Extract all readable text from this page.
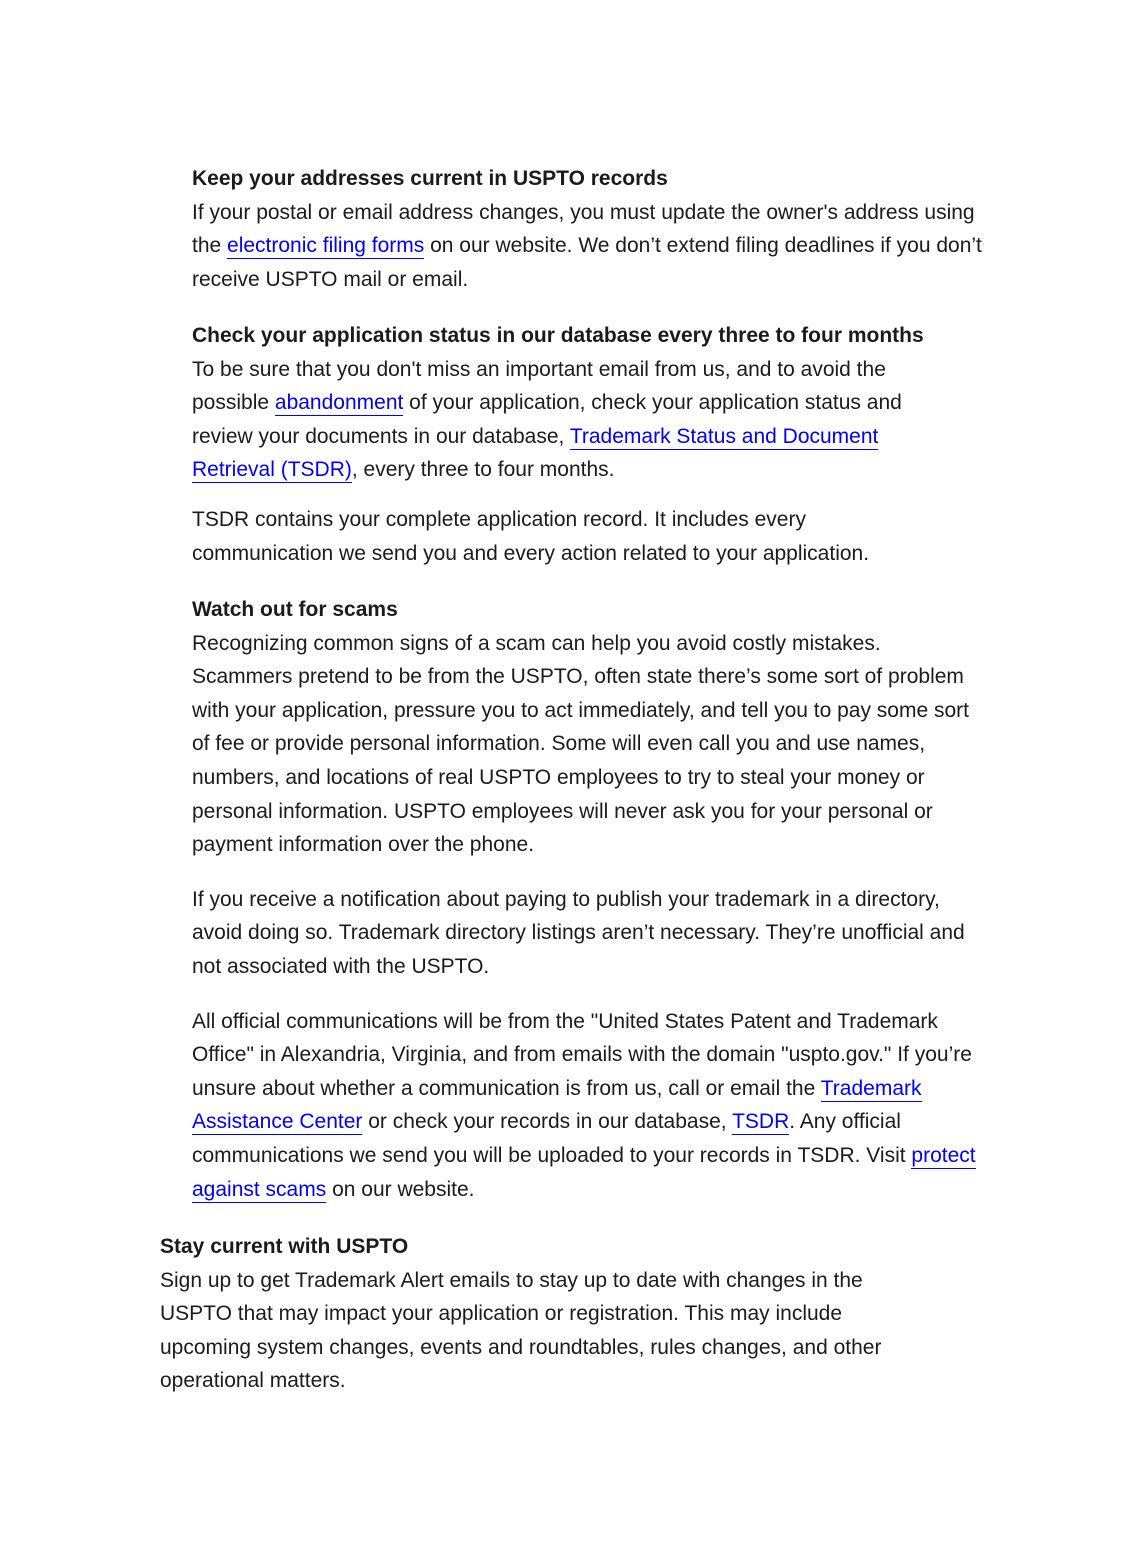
Keep your addresses current in USPTO records

If your postal or email address changes, you must update the owner's address using the electronic filing forms on our website. We don’t extend filing deadlines if you don’t receive USPTO mail or email.

Check your application status in our database every three to four months

To be sure that you don't miss an important email from us, and to avoid the possible abandonment of your application, check your application status and review your documents in our database, Trademark Status and Document Retrieval (TSDR), every three to four months.

TSDR contains your complete application record. It includes every communication we send you and every action related to your application.

Watch out for scams

Recognizing common signs of a scam can help you avoid costly mistakes. Scammers pretend to be from the USPTO, often state there’s some sort of problem with your application, pressure you to act immediately, and tell you to pay some sort of fee or provide personal information. Some will even call you and use names, numbers, and locations of real USPTO employees to try to steal your money or personal information. USPTO employees will never ask you for your personal or payment information over the phone.

If you receive a notification about paying to publish your trademark in a directory, avoid doing so. Trademark directory listings aren’t necessary. They’re unofficial and not associated with the USPTO.

All official communications will be from the "United States Patent and Trademark Office" in Alexandria, Virginia, and from emails with the domain "uspto.gov." If you’re unsure about whether a communication is from us, call or email the Trademark Assistance Center or check your records in our database, TSDR. Any official communications we send you will be uploaded to your records in TSDR. Visit protect against scams on our website.

Stay current with USPTO

Sign up to get Trademark Alert emails to stay up to date with changes in the USPTO that may impact your application or registration. This may include upcoming system changes, events and roundtables, rules changes, and other operational matters.
